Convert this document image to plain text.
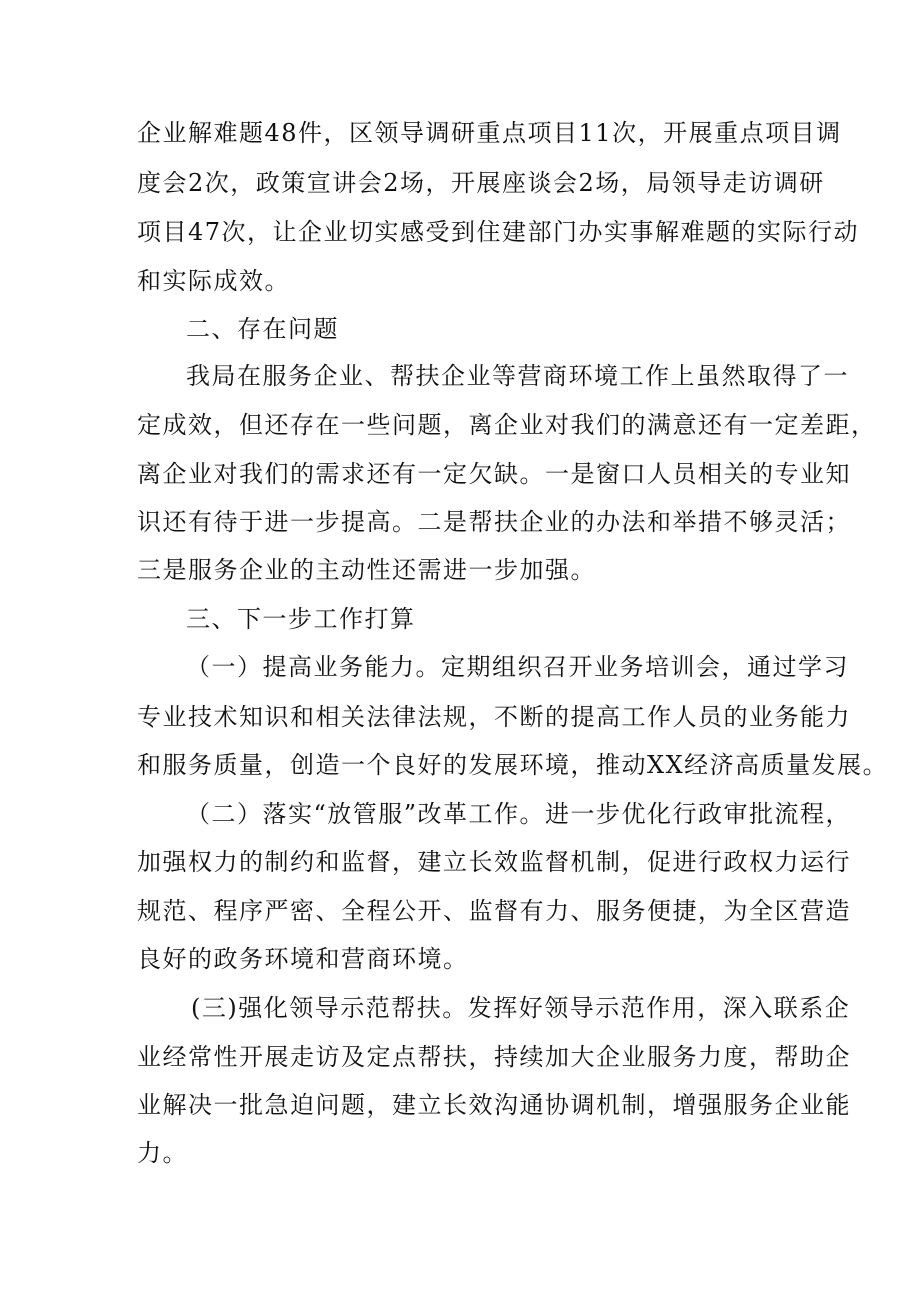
企业解难题48件，区领导调研重点项目11次，开展重点项目调
度会2次，政策宣讲会2场，开展座谈会2场，局领导走访调研
项目47次，让企业切实感受到住建部门办实事解难题的实际行动
和实际成效。
二、存在问题
我局在服务企业、帮扶企业等营商环境工作上虽然取得了一
定成效，但还存在一些问题，离企业对我们的满意还有一定差距，
离企业对我们的需求还有一定欠缺。一是窗口人员相关的专业知
识还有待于进一步提高。二是帮扶企业的办法和举措不够灵活；
三是服务企业的主动性还需进一步加强。
三、下一步工作打算
（一）提高业务能力。定期组织召开业务培训会，通过学习
专业技术知识和相关法律法规，不断的提高工作人员的业务能力
和服务质量，创造一个良好的发展环境，推动XX经济高质量发展。
（二）落实“放管服”改革工作。进一步优化行政审批流程，
加强权力的制约和监督，建立长效监督机制，促进行政权力运行
规范、程序严密、全程公开、监督有力、服务便捷，为全区营造
良好的政务环境和营商环境。
(三)强化领导示范帮扶。发挥好领导示范作用，深入联系企
业经常性开展走访及定点帮扶，持续加大企业服务力度，帮助企
业解决一批急迫问题，建立长效沟通协调机制，增强服务企业能
力。
